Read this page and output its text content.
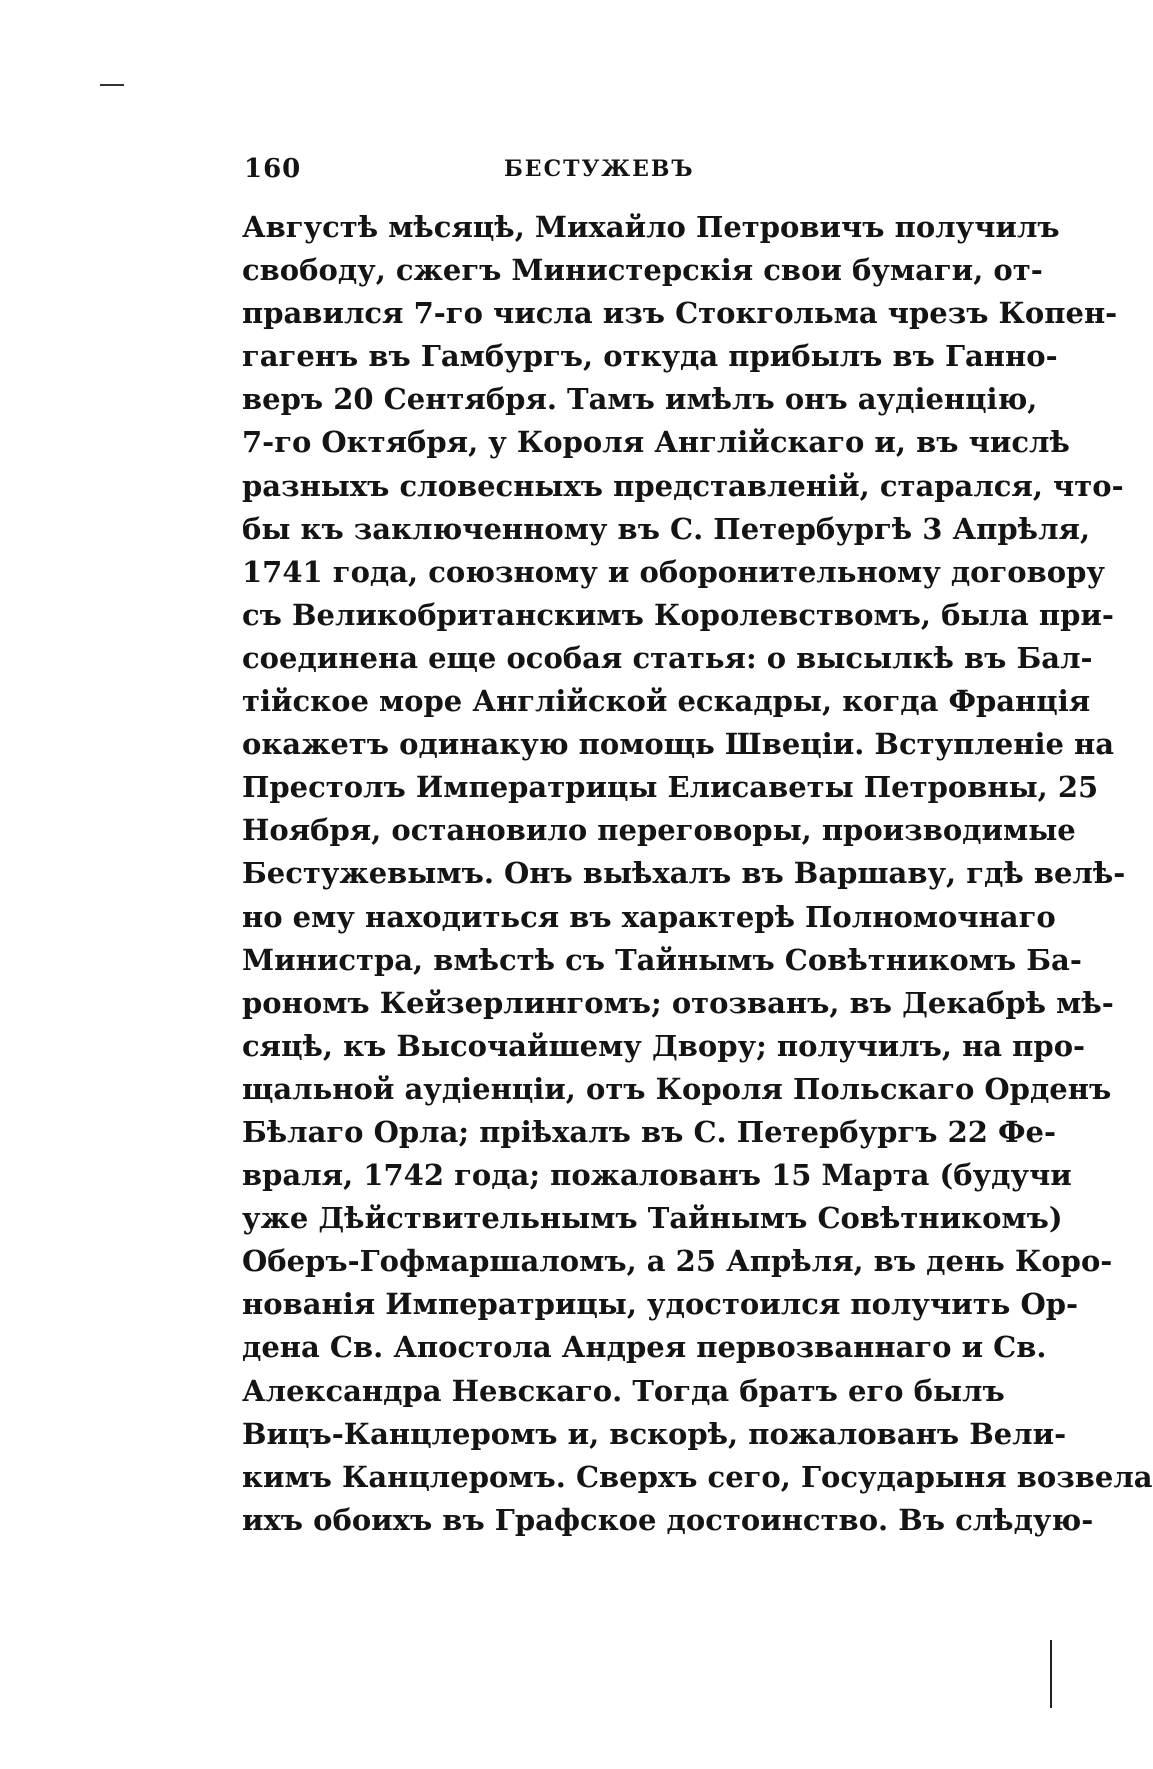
160	БЕСТУЖЕВЪ
Августѣ мѣсяцѣ, Михайло Петровичъ получилъ
свободу, сжегъ Министерскія свои бумаги, от-
правился 7-го числа изъ Стокгольма чрезъ Копен-
гагенъ въ Гамбургъ, откуда прибылъ въ Ганно-
веръ 20 Сентября. Тамъ имѣлъ онъ аудіенцію,
7-го Октября, у Короля Англійскаго и, въ числѣ
разныхъ словесныхъ представленій, старался, что-
бы къ заключенному въ С. Петербургѣ 3 Апрѣля,
1741 года, союзному и оборонительному договору
съ Великобританскимъ Королевствомъ, была при-
соединена еще особая статья: о высылкѣ въ Бал-
тійское море Англійской ескадры, когда Франція
окажетъ одинакую помощь Швеціи. Вступленіе на
Престолъ Императрицы Елисаветы Петровны, 25
Ноября, остановило переговоры, производимые
Бестужевымъ. Онъ выѣхалъ въ Варшаву, гдѣ велѣ-
но ему находиться въ характерѣ Полномочнаго
Министра, вмѣстѣ съ Тайнымъ Совѣтникомъ Ба-
рономъ Кейзерлингомъ; отозванъ, въ Декабрѣ мѣ-
сяцѣ, къ Высочайшему Двору; получилъ, на про-
щальной аудіенціи, отъ Короля Польскаго Орденъ
Бѣлаго Орла; пріѣхалъ въ С. Петербургъ 22 Фе-
враля, 1742 года; пожалованъ 15 Марта (будучи
уже Дѣйствительнымъ Тайнымъ Совѣтникомъ)
Оберъ-Гофмаршаломъ, а 25 Апрѣля, въ день Коро-
нованія Императрицы, удостоился получить Ор-
дена Св. Апостола Андрея первозваннаго и Св.
Александра Невскаго. Тогда братъ его былъ
Вицъ-Канцлеромъ и, вскорѣ, пожалованъ Вели-
кимъ Канцлеромъ. Сверхъ сего, Государыня возвела
ихъ обоихъ въ Графское достоинство. Въ слѣдую-
